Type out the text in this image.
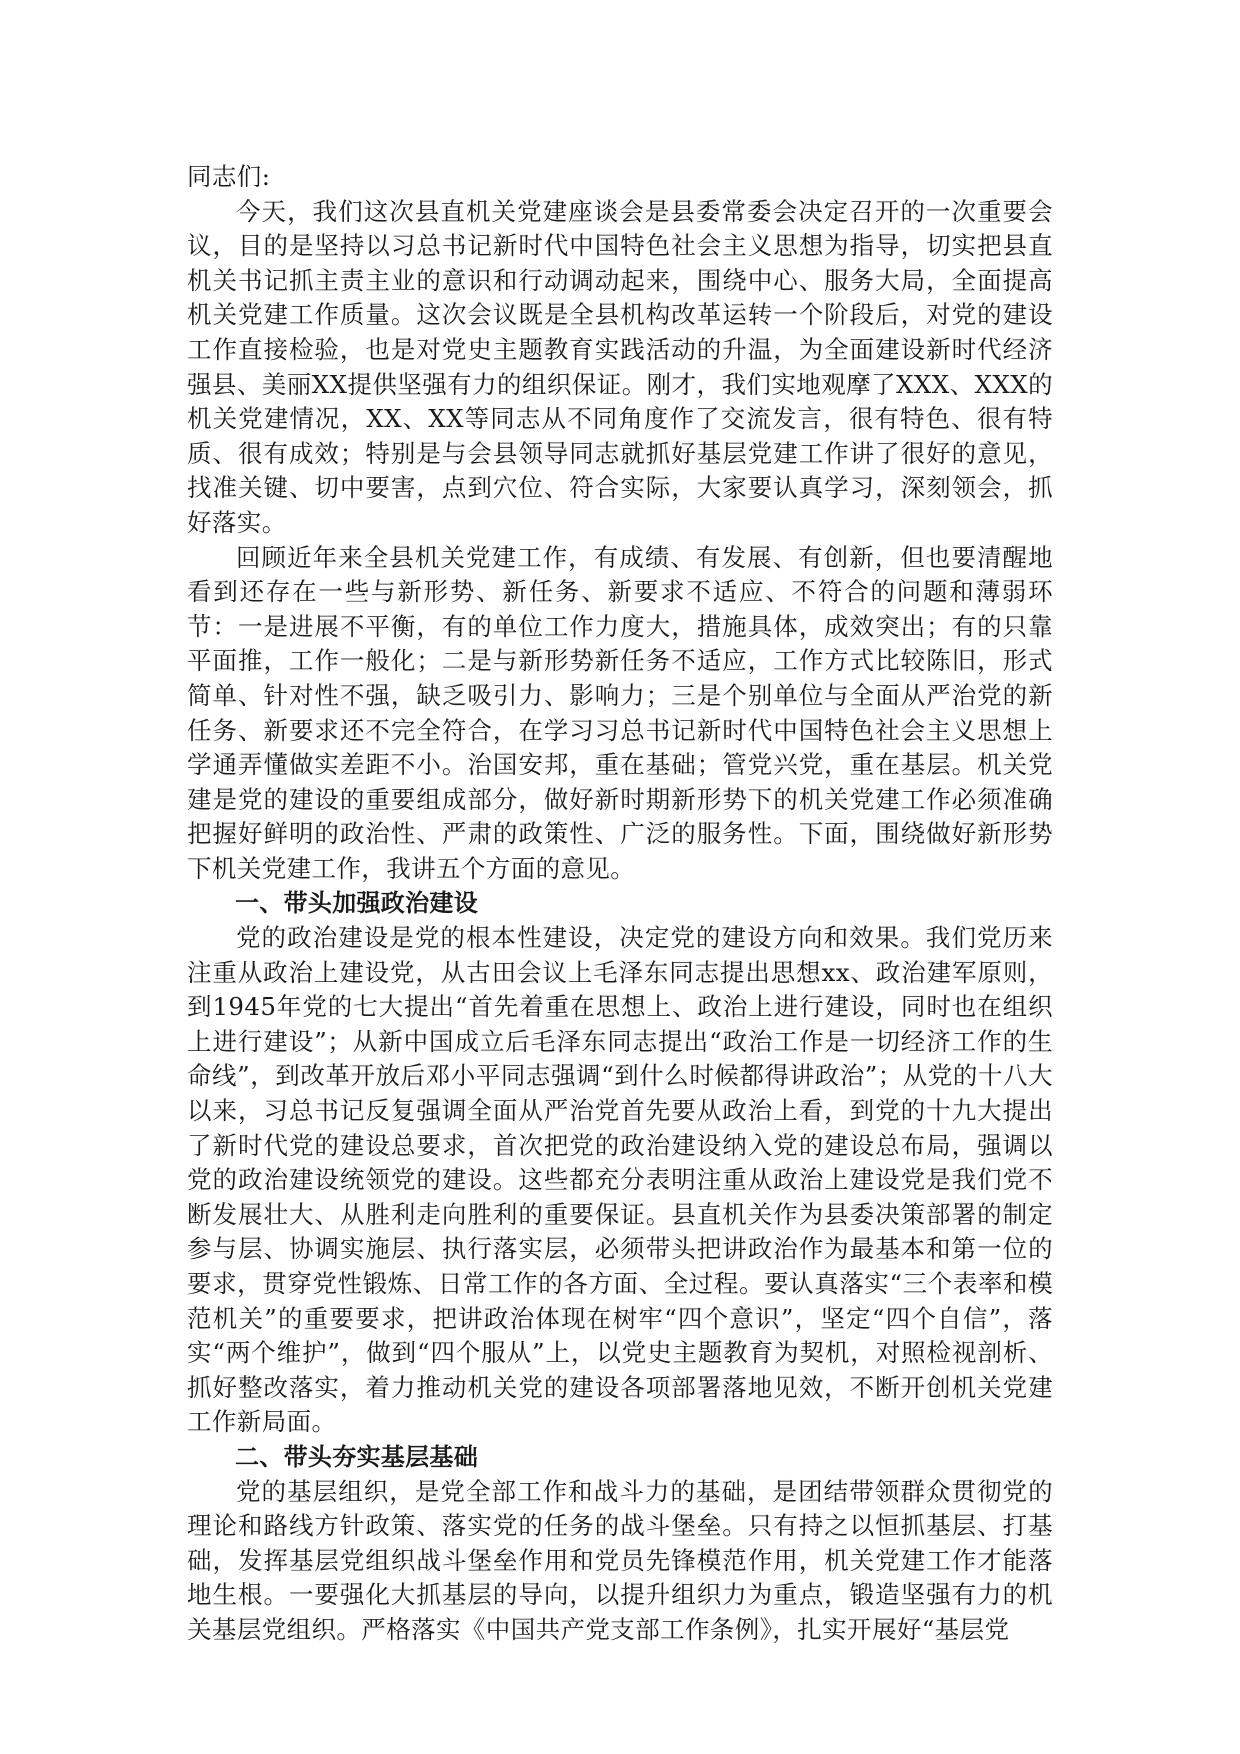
同志们:

今天，我们这次县直机关党建座谈会是县委常委会决定召开的一次重要会议，目的是坚持以习总书记新时代中国特色社会主义思想为指导，切实把县直机关书记抓主责主业的意识和行动调动起来，围绕中心、服务大局，全面提高机关党建工作质量。这次会议既是全县机构改革运转一个阶段后，对党的建设工作直接检验，也是对党史主题教育实践活动的升温，为全面建设新时代经济强县、美丽XX提供坚强有力的组织保证。刚才，我们实地观摩了XXX、XXX的机关党建情况，XX、XX等同志从不同角度作了交流发言，很有特色、很有特质、很有成效；特别是与会县领导同志就抓好基层党建工作讲了很好的意见，找准关键、切中要害，点到穴位、符合实际，大家要认真学习，深刻领会，抓好落实。

回顾近年来全县机关党建工作，有成绩、有发展、有创新，但也要清醒地看到还存在一些与新形势、新任务、新要求不适应、不符合的问题和薄弱环节：一是进展不平衡，有的单位工作力度大，措施具体，成效突出；有的只靠平面推，工作一般化；二是与新形势新任务不适应，工作方式比较陈旧，形式简单、针对性不强，缺乏吸引力、影响力；三是个别单位与全面从严治党的新任务、新要求还不完全符合，在学习习总书记新时代中国特色社会主义思想上学通弄懂做实差距不小。治国安邦，重在基础；管党兴党，重在基层。机关党建是党的建设的重要组成部分，做好新时期新形势下的机关党建工作必须准确把握好鲜明的政治性、严肃的政策性、广泛的服务性。下面，围绕做好新形势下机关党建工作，我讲五个方面的意见。

一、带头加强政治建设

党的政治建设是党的根本性建设，决定党的建设方向和效果。我们党历来注重从政治上建设党，从古田会议上毛泽东同志提出思想xx、政治建军原则，到1945年党的七大提出“首先着重在思想上、政治上进行建设，同时也在组织上进行建设”；从新中国成立后毛泽东同志提出“政治工作是一切经济工作的生命线”，到改革开放后邓小平同志强调“到什么时候都得讲政治”；从党的十八大以来，习总书记反复强调全面从严治党首先要从政治上看，到党的十九大提出了新时代党的建设总要求，首次把党的政治建设纳入党的建设总布局，强调以党的政治建设统领党的建设。这些都充分表明注重从政治上建设党是我们党不断发展壮大、从胜利走向胜利的重要保证。县直机关作为县委决策部署的制定参与层、协调实施层、执行落实层，必须带头把讲政治作为最基本和第一位的要求，贯穿党性锻炼、日常工作的各方面、全过程。要认真落实“三个表率和模范机关”的重要要求，把讲政治体现在树牢“四个意识”，坚定“四个自信”，落实“两个维护”，做到“四个服从”上，以党史主题教育为契机，对照检视剖析、抓好整改落实，着力推动机关党的建设各项部署落地见效，不断开创机关党建工作新局面。

二、带头夯实基层基础

党的基层组织，是党全部工作和战斗力的基础，是团结带领群众贯彻党的理论和路线方针政策、落实党的任务的战斗堡垒。只有持之以恒抓基层、打基础，发挥基层党组织战斗堡垒作用和党员先锋模范作用，机关党建工作才能落地生根。一要强化大抓基层的导向，以提升组织力为重点，锻造坚强有力的机关基层党组织。严格落实《中国共产党支部工作条例》，扎实开展好“基层党
